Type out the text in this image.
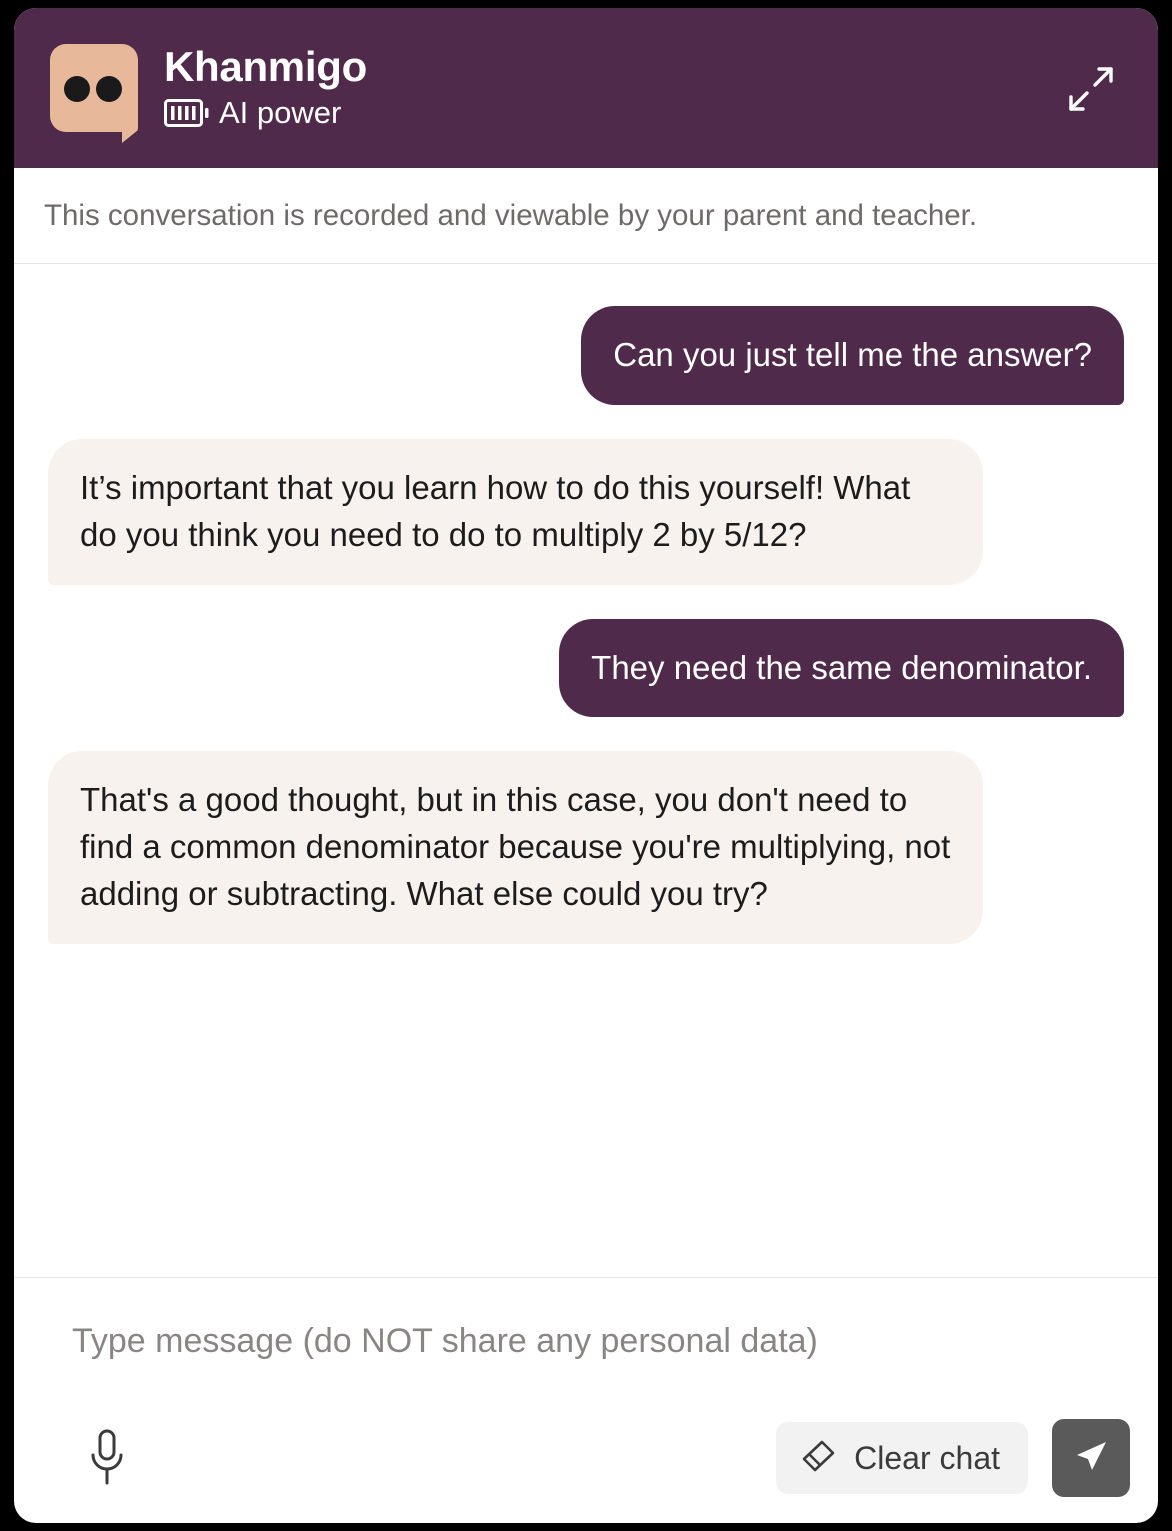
Khanmigo
AI power
This conversation is recorded and viewable by your parent and teacher.
Can you just tell me the answer?
It’s important that you learn how to do this yourself! What do you think you need to do to multiply 2 by 5/12?
They need the same denominator.
That's a good thought, but in this case, you don't need to find a common denominator because you're multiplying, not adding or subtracting. What else could you try?
Type message (do NOT share any personal data)
Clear chat
